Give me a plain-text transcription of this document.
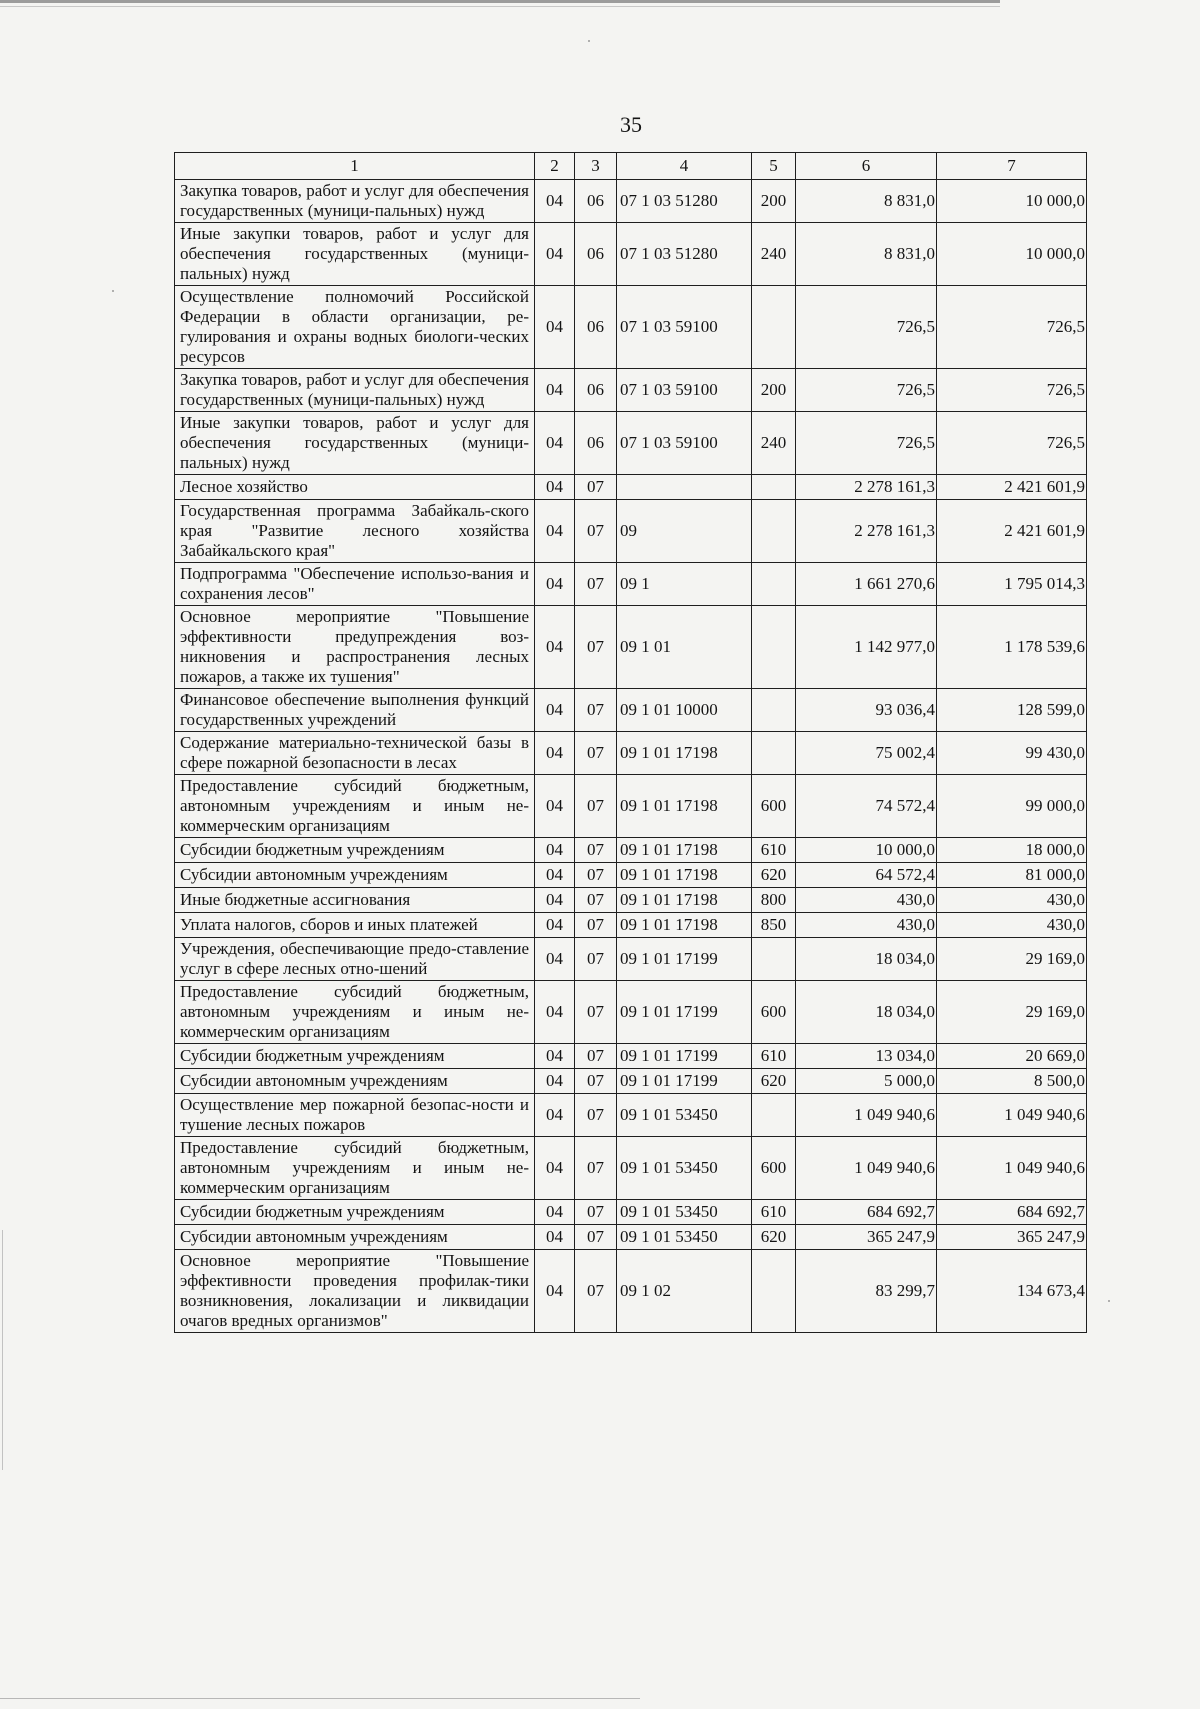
35
1	2	3	4	5	6	7
Закупка товаров, работ и услуг для обеспечения государственных (муници-пальных) нужд	04	06	07 1 03 51280	200	8 831,0	10 000,0
Иные закупки товаров, работ и услуг для обеспечения государственных (муници-пальных) нужд	04	06	07 1 03 51280	240	8 831,0	10 000,0
Осуществление полномочий Российской Федерации в области организации, ре-гулирования и охраны водных биологи-ческих ресурсов	04	06	07 1 03 59100		726,5	726,5
Закупка товаров, работ и услуг для обеспечения государственных (муници-пальных) нужд	04	06	07 1 03 59100	200	726,5	726,5
Иные закупки товаров, работ и услуг для обеспечения государственных (муници-пальных) нужд	04	06	07 1 03 59100	240	726,5	726,5
Лесное хозяйство	04	07			2 278 161,3	2 421 601,9
Государственная программа Забайкаль-ского края "Развитие лесного хозяйства Забайкальского края"	04	07	09		2 278 161,3	2 421 601,9
Подпрограмма "Обеспечение использо-вания и сохранения лесов"	04	07	09 1		1 661 270,6	1 795 014,3
Основное мероприятие "Повышение эффективности предупреждения воз-никновения и распространения лесных пожаров, а также их тушения"	04	07	09 1 01		1 142 977,0	1 178 539,6
Финансовое обеспечение выполнения функций государственных учреждений	04	07	09 1 01 10000		93 036,4	128 599,0
Содержание материально-технической базы в сфере пожарной безопасности в лесах	04	07	09 1 01 17198		75 002,4	99 430,0
Предоставление субсидий бюджетным, автономным учреждениям и иным не-коммерческим организациям	04	07	09 1 01 17198	600	74 572,4	99 000,0
Субсидии бюджетным учреждениям	04	07	09 1 01 17198	610	10 000,0	18 000,0
Субсидии автономным учреждениям	04	07	09 1 01 17198	620	64 572,4	81 000,0
Иные бюджетные ассигнования	04	07	09 1 01 17198	800	430,0	430,0
Уплата налогов, сборов и иных платежей	04	07	09 1 01 17198	850	430,0	430,0
Учреждения, обеспечивающие предо-ставление услуг в сфере лесных отно-шений	04	07	09 1 01 17199		18 034,0	29 169,0
Предоставление субсидий бюджетным, автономным учреждениям и иным не-коммерческим организациям	04	07	09 1 01 17199	600	18 034,0	29 169,0
Субсидии бюджетным учреждениям	04	07	09 1 01 17199	610	13 034,0	20 669,0
Субсидии автономным учреждениям	04	07	09 1 01 17199	620	5 000,0	8 500,0
Осуществление мер пожарной безопас-ности и тушение лесных пожаров	04	07	09 1 01 53450		1 049 940,6	1 049 940,6
Предоставление субсидий бюджетным, автономным учреждениям и иным не-коммерческим организациям	04	07	09 1 01 53450	600	1 049 940,6	1 049 940,6
Субсидии бюджетным учреждениям	04	07	09 1 01 53450	610	684 692,7	684 692,7
Субсидии автономным учреждениям	04	07	09 1 01 53450	620	365 247,9	365 247,9
Основное мероприятие "Повышение эффективности проведения профилак-тики возникновения, локализации и ликвидации очагов вредных организмов"	04	07	09 1 02		83 299,7	134 673,4
